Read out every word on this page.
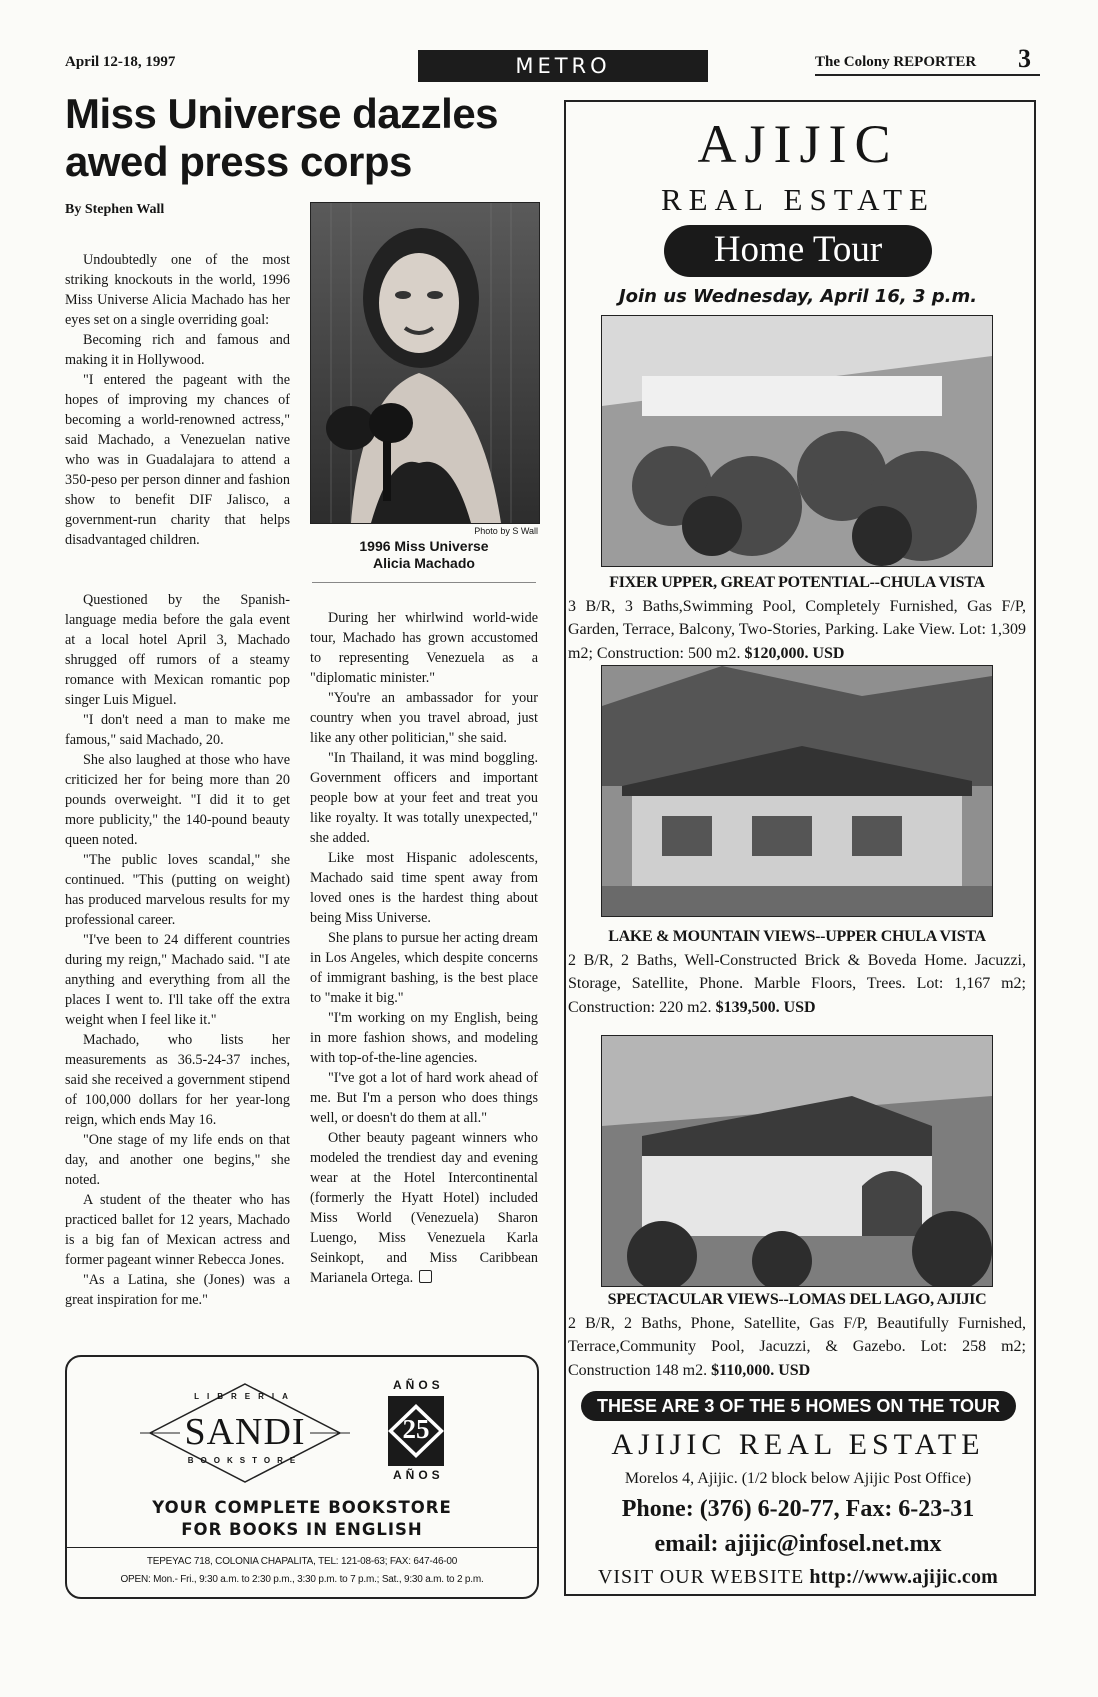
April 12-18, 1997	METRO	The Colony REPORTER 3
Miss Universe dazzles awed press corps
By Stephen Wall
Photo by S Wall
1996 Miss Universe
Alicia Machado

Undoubtedly one of the most striking knockouts in the world, 1996 Miss Universe Alicia Machado has her eyes set on a single overriding goal:

Becoming rich and famous and making it in Hollywood.

"I entered the pageant with the hopes of improving my chances of becoming a world-renowned actress," said Machado, a Venezuelan native who was in Guadalajara to attend a 350-peso per person dinner and fashion show to benefit DIF Jalisco, a government-run charity that helps disadvantaged children.

Questioned by the Spanish-language media before the gala event at a local hotel April 3, Machado shrugged off rumors of a steamy romance with Mexican romantic pop singer Luis Miguel.

"I don't need a man to make me famous," said Machado, 20.

She also laughed at those who have criticized her for being more than 20 pounds overweight. "I did it to get more publicity," the 140-pound beauty queen noted.

"The public loves scandal," she continued. "This (putting on weight) has produced marvelous results for my professional career.

"I've been to 24 different countries during my reign," Machado said. "I ate anything and everything from all the places I went to. I'll take off the extra weight when I feel like it."

Machado, who lists her measurements as 36.5-24-37 inches, said she received a government stipend of 100,000 dollars for her year-long reign, which ends May 16.

"One stage of my life ends on that day, and another one begins," she noted.

A student of the theater who has practiced ballet for 12 years, Machado is a big fan of Mexican actress and former pageant winner Rebecca Jones.

"As a Latina, she (Jones) was a great inspiration for me."

During her whirlwind world-wide tour, Machado has grown accustomed to representing Venezuela as a "diplomatic minister."

"You're an ambassador for your country when you travel abroad, just like any other politician," she said.

"In Thailand, it was mind boggling. Government officers and important people bow at your feet and treat you like royalty. It was totally unexpected," she added.

Like most Hispanic adolescents, Machado said time spent away from loved ones is the hardest thing about being Miss Universe.

She plans to pursue her acting dream in Los Angeles, which despite concerns of immigrant bashing, is the best place to "make it big."

"I'm working on my English, being in more fashion shows, and modeling with top-of-the-line agencies.

"I've got a lot of hard work ahead of me. But I'm a person who does things well, or doesn't do them at all."

Other beauty pageant winners who modeled the trendiest day and evening wear at the Hotel Intercontinental (formerly the Hyatt Hotel) included Miss World (Venezuela) Sharon Luengo, Miss Venezuela Karla Seinkopt, and Miss Caribbean Marianela Ortega.

LIBRERIA
SANDI
BOOKSTORE
AÑOS
25
AÑOS
YOUR COMPLETE BOOKSTORE
FOR BOOKS IN ENGLISH
TEPEYAC 718, COLONIA CHAPALITA, TEL: 121-08-63; FAX: 647-46-00
OPEN: Mon.- Fri., 9:30 a.m. to 2:30 p.m., 3:30 p.m. to 7 p.m.; Sat., 9:30 a.m. to 2 p.m.
AJIJIC
REAL ESTATE
Home Tour
Join us Wednesday, April 16, 3 p.m.
FIXER UPPER, GREAT POTENTIAL--CHULA VISTA
3 B/R, 3 Baths,Swimming Pool, Completely Furnished, Gas F/P, Garden, Terrace, Balcony, Two-Stories, Parking. Lake View. Lot: 1,309 m2; Construction: 500 m2. $120,000. USD
LAKE & MOUNTAIN VIEWS--UPPER CHULA VISTA
2 B/R, 2 Baths, Well-Constructed Brick & Boveda Home. Jacuzzi, Storage, Satellite, Phone. Marble Floors, Trees. Lot: 1,167 m2; Construction: 220 m2. $139,500. USD
SPECTACULAR VIEWS--LOMAS DEL LAGO, AJIJIC
2 B/R, 2 Baths, Phone, Satellite, Gas F/P, Beautifully Furnished, Terrace,Community Pool, Jacuzzi, & Gazebo. Lot: 258 m2; Construction 148 m2. $110,000. USD
THESE ARE 3 OF THE 5 HOMES ON THE TOUR
AJIJIC REAL ESTATE
Morelos 4, Ajijic. (1/2 block below Ajijic Post Office)
Phone: (376) 6-20-77, Fax: 6-23-31
email: ajijic@infosel.net.mx
VISIT OUR WEBSITE http://www.ajijic.com
